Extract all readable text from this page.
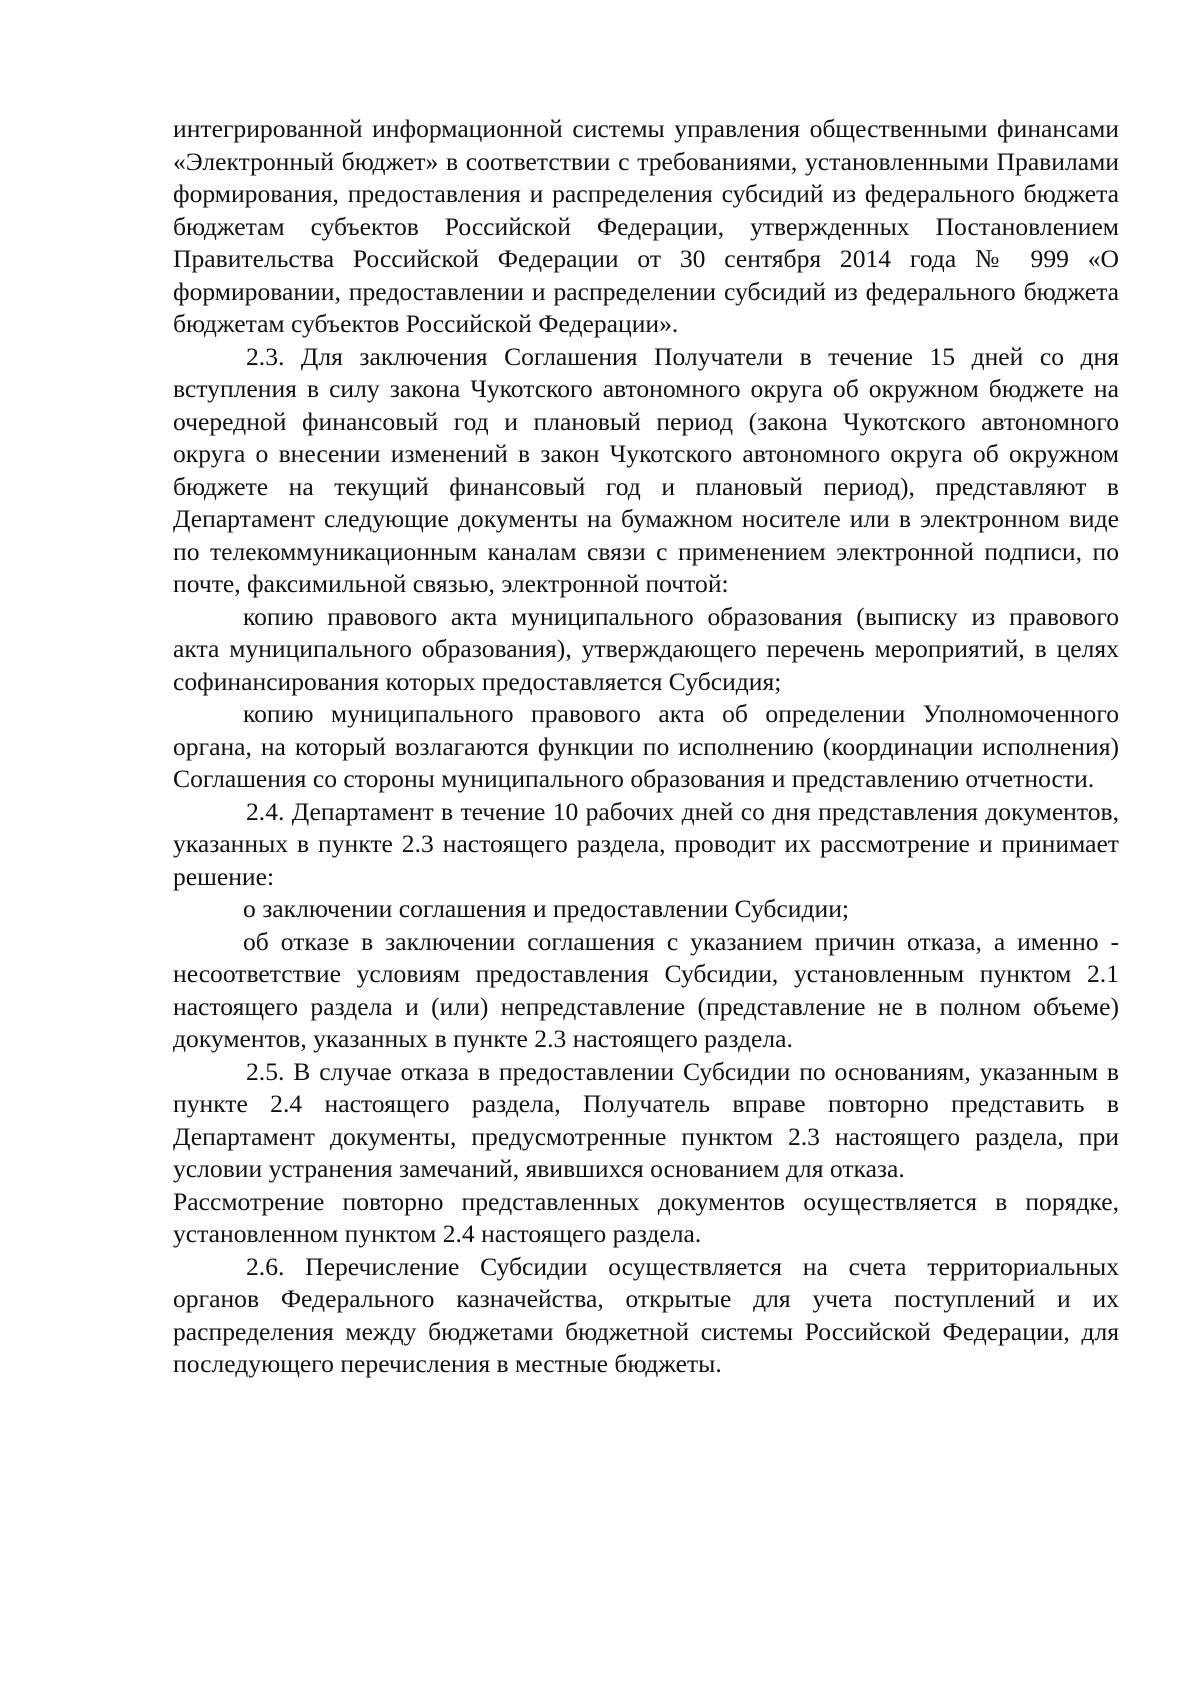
интегрированной информационной системы управления общественными финансами «Электронный бюджет» в соответствии с требованиями, установленными Правилами формирования, предоставления и распределения субсидий из федерального бюджета бюджетам субъектов Российской Федерации, утвержденных Постановлением Правительства Российской Федерации от 30 сентября 2014 года № 999 «О формировании, предоставлении и распределении субсидий из федерального бюджета бюджетам субъектов Российской Федерации».

2.3. Для заключения Соглашения Получатели в течение 15 дней со дня вступления в силу закона Чукотского автономного округа об окружном бюджете на очередной финансовый год и плановый период (закона Чукотского автономного округа о внесении изменений в закон Чукотского автономного округа об окружном бюджете на текущий финансовый год и плановый период), представляют в Департамент следующие документы на бумажном носителе или в электронном виде по телекоммуникационным каналам связи с применением электронной подписи, по почте, факсимильной связью, электронной почтой:

копию правового акта муниципального образования (выписку из правового акта муниципального образования), утверждающего перечень мероприятий, в целях софинансирования которых предоставляется Субсидия;

копию муниципального правового акта об определении Уполномоченного органа, на который возлагаются функции по исполнению (координации исполнения) Соглашения со стороны муниципального образования и представлению отчетности.

2.4. Департамент в течение 10 рабочих дней со дня представления документов, указанных в пункте 2.3 настоящего раздела, проводит их рассмотрение и принимает решение:

о заключении соглашения и предоставлении Субсидии;

об отказе в заключении соглашения с указанием причин отказа, а именно - несоответствие условиям предоставления Субсидии, установленным пунктом 2.1 настоящего раздела и (или) непредставление (представление не в полном объеме) документов, указанных в пункте 2.3 настоящего раздела.

2.5. В случае отказа в предоставлении Субсидии по основаниям, указанным в пункте 2.4 настоящего раздела, Получатель вправе повторно представить в Департамент документы, предусмотренные пунктом 2.3 настоящего раздела, при условии устранения замечаний, явившихся основанием для отказа.

Рассмотрение повторно представленных документов осуществляется в порядке, установленном пунктом 2.4 настоящего раздела.

2.6. Перечисление Субсидии осуществляется на счета территориальных органов Федерального казначейства, открытые для учета поступлений и их распределения между бюджетами бюджетной системы Российской Федерации, для последующего перечисления в местные бюджеты.
